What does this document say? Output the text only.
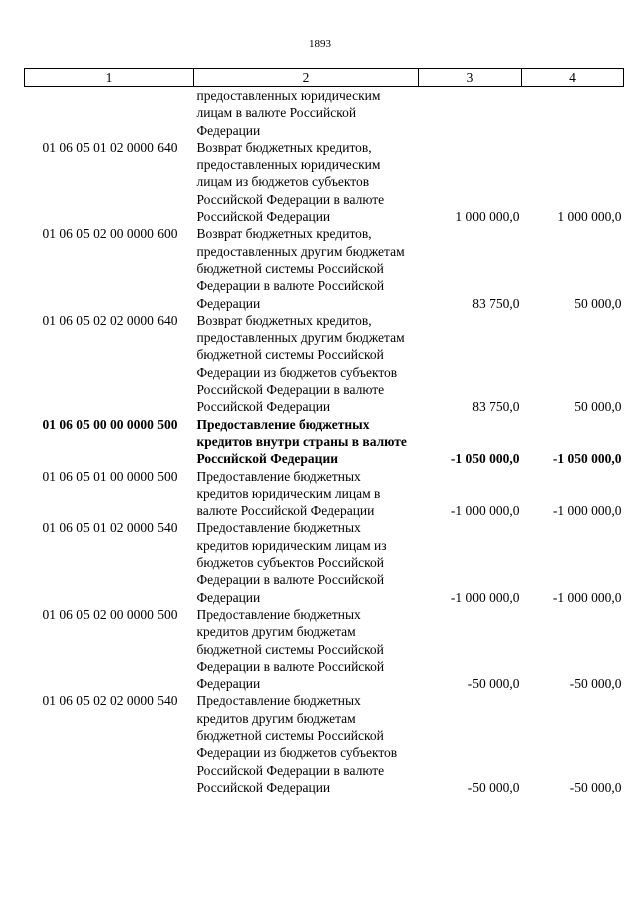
1893
1	2	3	4
	предоставленных юридическим лицам в валюте Российской Федерации		
01 06 05 01 02 0000 640	Возврат бюджетных кредитов, предоставленных юридическим лицам из бюджетов субъектов Российской Федерации в валюте Российской Федерации	1 000 000,0	1 000 000,0
01 06 05 02 00 0000 600	Возврат бюджетных кредитов, предоставленных другим бюджетам бюджетной системы Российской Федерации в валюте Российской Федерации	83 750,0	50 000,0
01 06 05 02 02 0000 640	Возврат бюджетных кредитов, предоставленных другим бюджетам бюджетной системы Российской Федерации из бюджетов субъектов Российской Федерации в валюте Российской Федерации	83 750,0	50 000,0
01 06 05 00 00 0000 500	Предоставление бюджетных кредитов внутри страны в валюте Российской Федерации	-1 050 000,0	-1 050 000,0
01 06 05 01 00 0000 500	Предоставление бюджетных кредитов юридическим лицам в валюте Российской Федерации	-1 000 000,0	-1 000 000,0
01 06 05 01 02 0000 540	Предоставление бюджетных кредитов юридическим лицам из бюджетов субъектов Российской Федерации в валюте Российской Федерации	-1 000 000,0	-1 000 000,0
01 06 05 02 00 0000 500	Предоставление бюджетных кредитов другим бюджетам бюджетной системы Российской Федерации в валюте Российской Федерации	-50 000,0	-50 000,0
01 06 05 02 02 0000 540	Предоставление бюджетных кредитов другим бюджетам бюджетной системы Российской Федерации из бюджетов субъектов Российской Федерации в валюте Российской Федерации	-50 000,0	-50 000,0
